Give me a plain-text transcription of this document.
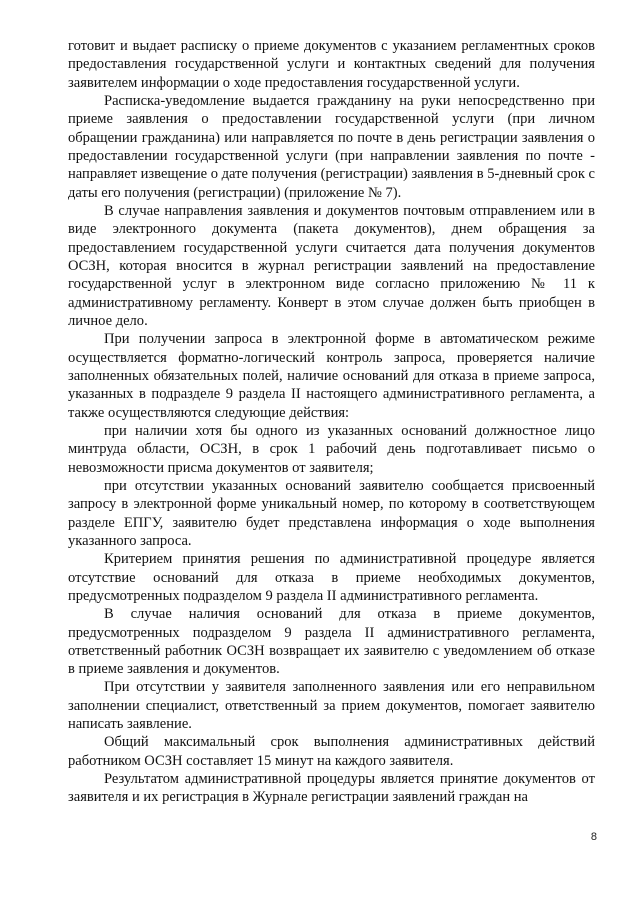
готовит и выдает расписку о приеме документов с указанием регламентных сроков предоставления государственной услуги и контактных сведений для получения заявителем информации о ходе предоставления государственной услуги.

Расписка-уведомление выдается гражданину на руки непосредственно при приеме заявления о предоставлении государственной услуги (при личном обращении гражданина) или направляется по почте в день регистрации заявления о предоставлении государственной услуги (при направлении заявления по почте - направляет извещение о дате получения (регистрации) заявления в 5-дневный срок с даты его получения (регистрации) (приложение № 7).

В случае направления заявления и документов почтовым отправлением или в виде электронного документа (пакета документов), днем обращения за предоставлением государственной услуги считается дата получения документов ОСЗН, которая вносится в журнал регистрации заявлений на предоставление государственной услуг в электронном виде согласно приложению № 11 к административному регламенту. Конверт в этом случае должен быть приобщен в личное дело.

При получении запроса в электронной форме в автоматическом режиме осуществляется форматно-логический контроль запроса, проверяется наличие заполненных обязательных полей, наличие оснований для отказа в приеме запроса, указанных в подразделе 9 раздела II настоящего административного регламента, а также осуществляются следующие действия:

при наличии хотя бы одного из указанных оснований должностное лицо минтруда области, ОСЗН, в срок 1 рабочий день подготавливает письмо о невозможности присма документов от заявителя;

при отсутствии указанных оснований заявителю сообщается присвоенный запросу в электронной форме уникальный номер, по которому в соответствующем разделе ЕПГУ, заявителю будет представлена информация о ходе выполнения указанного запроса.

Критерием принятия решения по административной процедуре является отсутствие оснований для отказа в приеме необходимых документов, предусмотренных подразделом 9 раздела II административного регламента.

В случае наличия оснований для отказа в приеме документов, предусмотренных подразделом 9 раздела II административного регламента, ответственный работник ОСЗН возвращает их заявителю с уведомлением об отказе в приеме заявления и документов.

При отсутствии у заявителя заполненного заявления или его неправильном заполнении специалист, ответственный за прием документов, помогает заявителю написать заявление.

Общий максимальный срок выполнения административных действий работником ОСЗН составляет 15 минут на каждого заявителя.

Результатом административной процедуры является принятие документов от заявителя и их регистрация в Журнале регистрации заявлений граждан на

8
